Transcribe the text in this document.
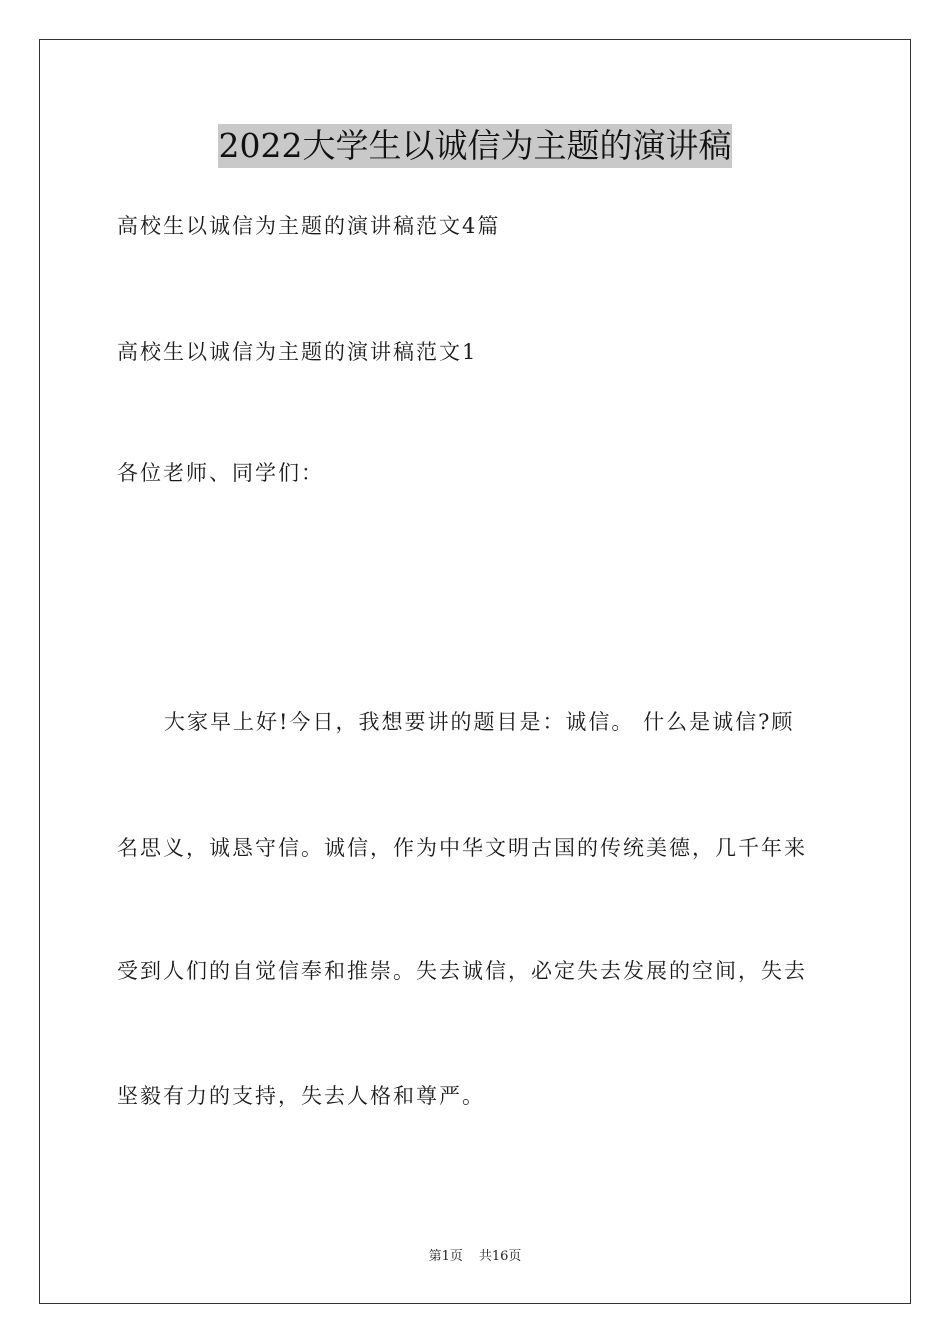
2022大学生以诚信为主题的演讲稿
高校生以诚信为主题的演讲稿范文4篇
高校生以诚信为主题的演讲稿范文1
各位老师、同学们：
大家早上好!今日，我想要讲的题目是：诚信。 什么是诚信?顾
名思义，诚恳守信。诚信，作为中华文明古国的传统美德，几千年来
受到人们的自觉信奉和推崇。失去诚信，必定失去发展的空间，失去
坚毅有力的支持，失去人格和尊严。
第1页 共16页
